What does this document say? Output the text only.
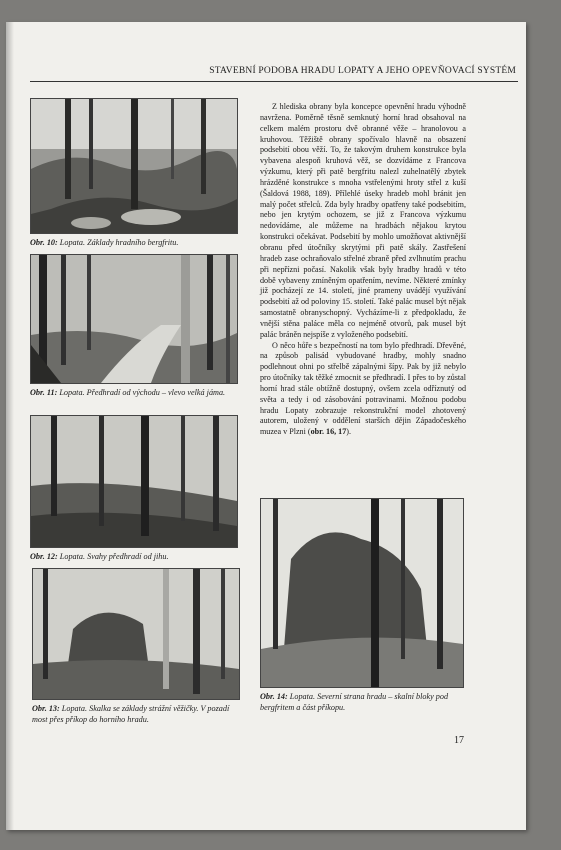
STAVEBNÍ PODOBA HRADU LOPATY A JEHO OPEVŇOVACÍ SYSTÉM
Obr. 10: Lopata. Základy hradního bergfritu.
Obr. 11: Lopata. Předhradí od východu – vlevo velká jáma.
Obr. 12: Lopata. Svahy předhradí od jihu.
Obr. 13: Lopata. Skalka se základy strážní věžičky. V pozadí most přes příkop do horního hradu.
Obr. 14: Lopata. Severní strana hradu – skalní bloky pod bergfritem a část příkopu.

Z hlediska obrany byla koncepce opevnění hradu výhodně navržena. Poměrně těsně semknutý horní hrad obsahoval na celkem malém prostoru dvě obranné věže – hranolovou a kruhovou. Těžiště obrany spočívalo hlavně na obsazení podsebití obou věží. To, že takovým druhem konstrukce byla vybavena alespoň kruhová věž, se dozvídáme z Francova výzkumu, který při patě bergfritu nalezl zuhelnatělý zbytek hrázděné konstrukce s mnoha vstřelenými hroty střel z kuší (Šaldová 1988, 189). Přílehlé úseky hradeb mohl bránit jen malý počet střelců. Zda byly hradby opatřeny také podsebitím, nebo jen krytým ochozem, se již z Francova výzkumu nedovídáme, ale můžeme na hradbách nějakou krytou konstrukci očekávat. Podsebití by mohlo umožňovat aktivnější obranu před útočníky skrytými při patě skály. Zastřešení hradeb zase ochraňovalo střelné zbraně před zvlhnutím prachu při nepřízni počasí. Nakolik však byly hradby hradů v této době vybaveny zmíněným opatřením, nevíme. Některé zmínky již pocházejí ze 14. století, jiné prameny uvádějí využívání podsebití až od poloviny 15. století. Také palác musel být nějak samostatně obranyschopný. Vycházíme-li z předpokladu, že vnější stěna paláce měla co nejméně otvorů, pak musel být palác bráněn nejspíše z vyloženého podsebití.

O něco hůře s bezpečností na tom bylo předhradí. Dřevěné, na způsob palisád vybudované hradby, mohly snadno podlehnout ohni po střelbě zápalnými šípy. Pak by již nebylo pro útočníky tak těžké zmocnit se předhradí. I přes to by zůstal horní hrad stále obtížně dostupný, ovšem zcela odříznutý od světa a tedy i od zásobování potravinami. Možnou podobu hradu Lopaty zobrazuje rekonstrukční model zhotovený autorem, uložený v oddělení starších dějin Západočeského muzea v Plzni (obr. 16, 17).

17
